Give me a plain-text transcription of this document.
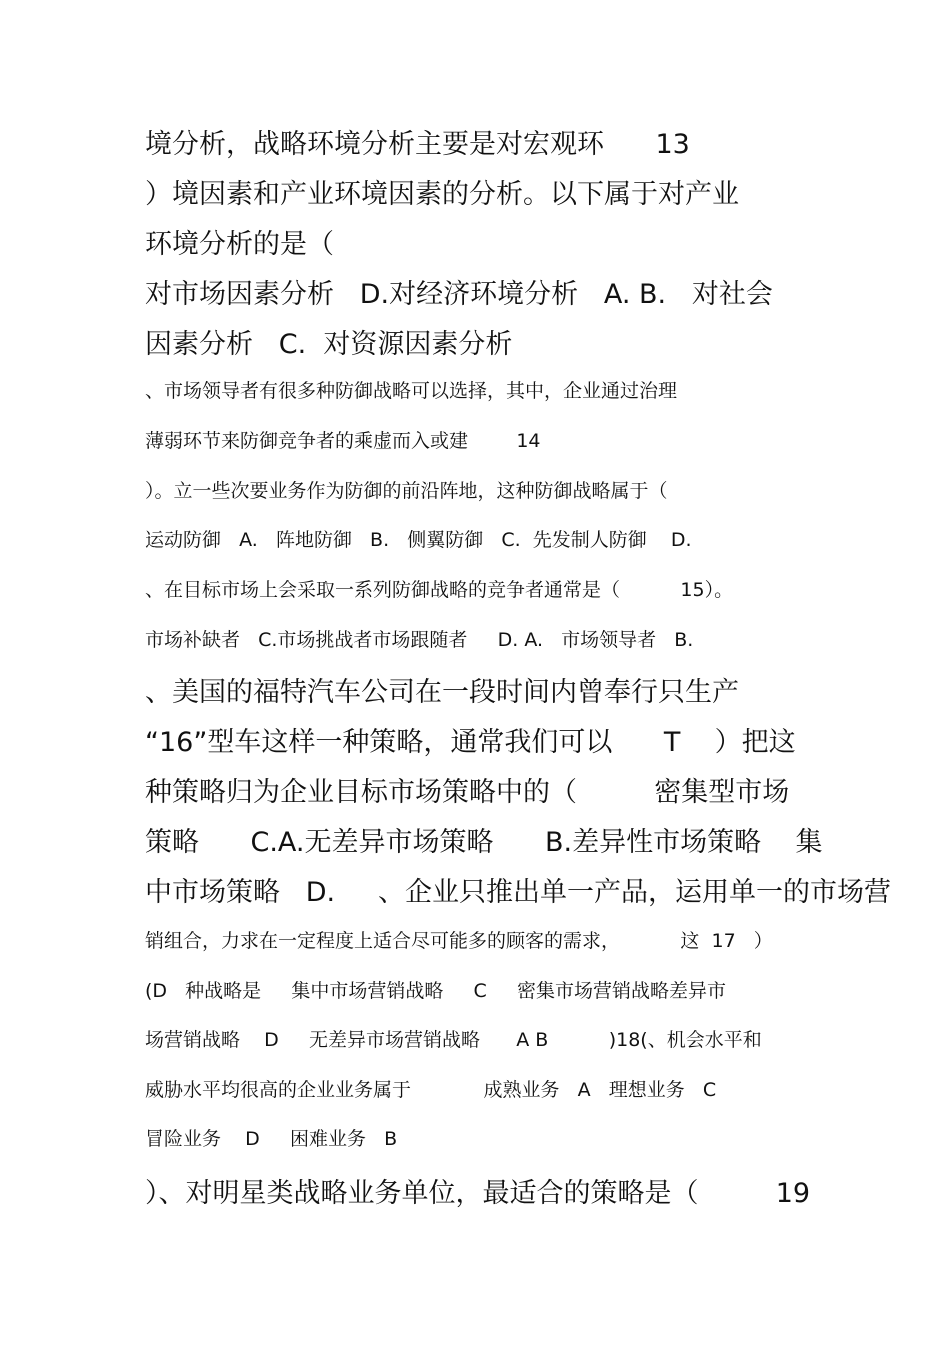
境分析，战略环境分析主要是对宏观环      13
）境因素和产业环境因素的分析。以下属于对产业
环境分析的是（
对市场因素分析   D.对经济环境分析   A. B.   对社会
因素分析   C.  对资源因素分析
、市场领导者有很多种防御战略可以选择，其中，企业通过治理
薄弱环节来防御竞争者的乘虚而入或建        14
）。立一些次要业务作为防御的前沿阵地，这种防御战略属于（
运动防御   A.   阵地防御   B.   侧翼防御   C.  先发制人防御    D.
、在目标市场上会采取一系列防御战略的竞争者通常是（          15）。
市场补缺者   C.市场挑战者市场跟随者     D. A.   市场领导者   B.
、美国的福特汽车公司在一段时间内曾奉行只生产
“16”型车这样一种策略，通常我们可以      T    ）把这
种策略归为企业目标市场策略中的（         密集型市场
策略      C.A.无差异市场策略      B.差异性市场策略    集
中市场策略   D.     、企业只推出单一产品，运用单一的市场营
销组合，力求在一定程度上适合尽可能多的顾客的需求，          这  17   ）
(D   种战略是     集中市场营销战略     C     密集市场营销战略差异市
场营销战略    D     无差异市场营销战略      A B          )18(、机会水平和
威胁水平均很高的企业业务属于            成熟业务   A   理想业务   C
冒险业务    D     困难业务   B
）、对明星类战略业务单位，最适合的策略是（         19
